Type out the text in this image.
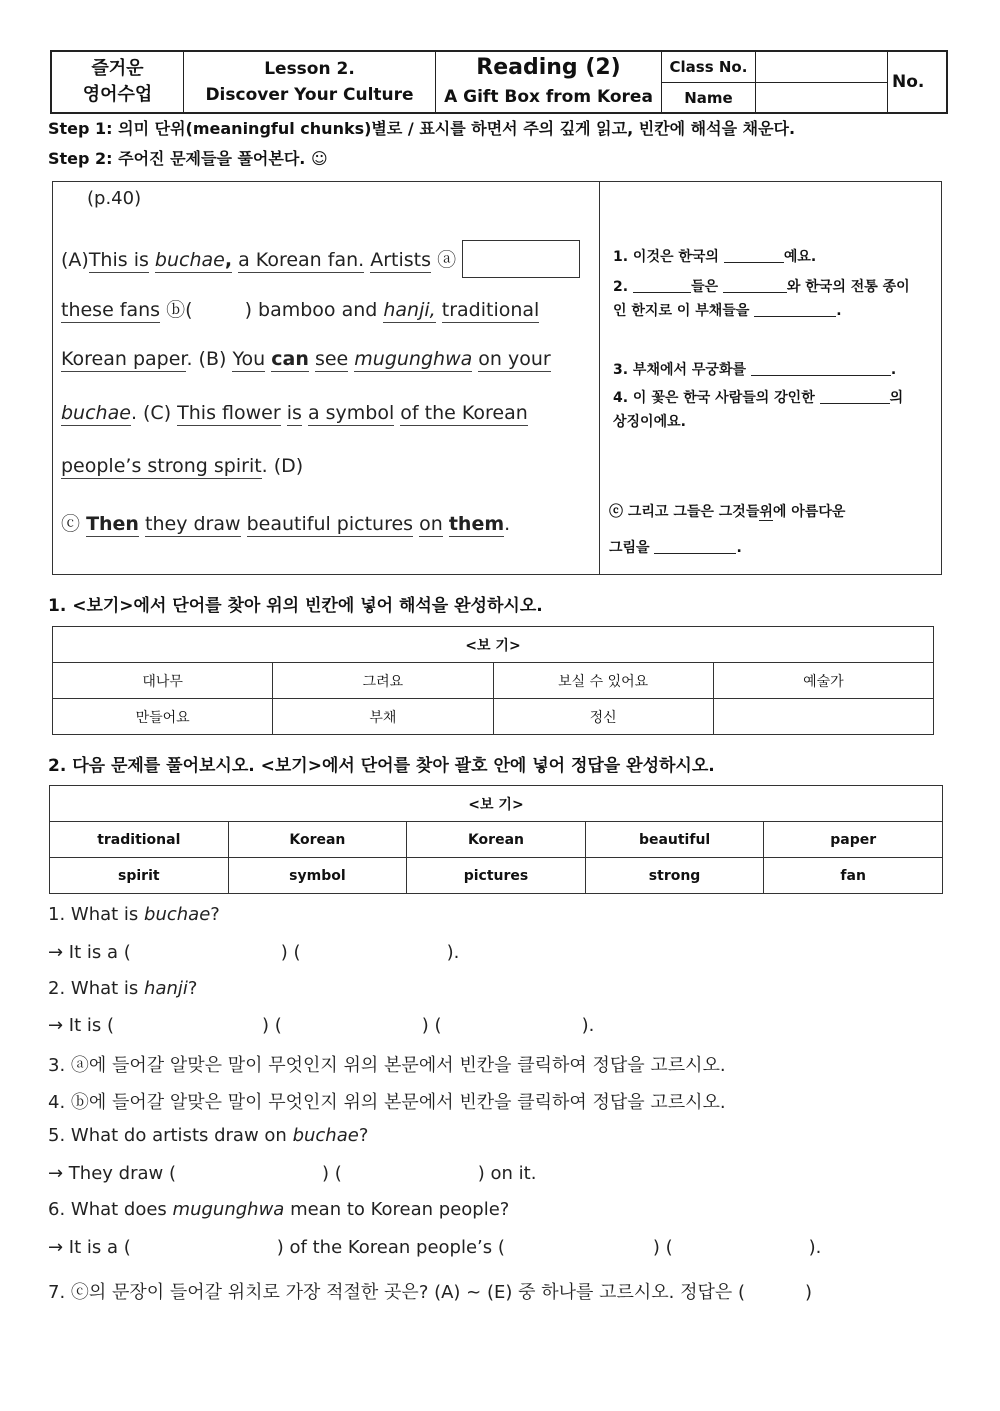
즐거운
영어수업
Lesson 2.
Discover Your Culture
Reading (2)
A Gift Box from Korea
Class No.
Name
No.
Step 1: 의미 단위(meaningful chunks)별로 / 표시를 하면서 주의 깊게 읽고, 빈칸에 해석을 채운다.
Step 2: 주어진 문제들을 풀어본다. ☺
(p.40)
(A)This is buchae, a Korean fan. Artists ⓐ
these fans ⓑ(	) bamboo and hanji, traditional
Korean paper. (B) You can see mugunghwa on your
buchae. (C) This flower is a symbol of the Korean
people’s strong spirit. (D)
ⓒ Then they draw beautiful pictures on them.
1. 이것은 한국의	예요.
2.	들은	와 한국의 전통 종이
인 한지로 이 부채들을	.
3. 부채에서 무궁화를	.
4. 이 꽃은 한국 사람들의 강인한	의
상징이에요.
ⓒ 그리고 그들은 그것들위에 아름다운
그림을	.
1. <보기>에서 단어를 찾아 위의 빈칸에 넣어 해석을 완성하시오.
<보 기>			
대나무	그려요	보실 수 있어요	예술가
만들어요	부채	정신	
2. 다음 문제를 풀어보시오. <보기>에서 단어를 찾아 괄호 안에 넣어 정답을 완성하시오.
<보 기>				
traditional	Korean	Korean	beautiful	paper
spirit	symbol	pictures	strong	fan
1. What is buchae?
→ It is a (	) (	).
2. What is hanji?
→ It is (	) (	) (	).
3. ⓐ에 들어갈 알맞은 말이 무엇인지 위의 본문에서 빈칸을 클릭하여 정답을 고르시오.
4. ⓑ에 들어갈 알맞은 말이 무엇인지 위의 본문에서 빈칸을 클릭하여 정답을 고르시오.
5. What do artists draw on buchae?
→ They draw (	) (	) on it.
6. What does mugunghwa mean to Korean people?
→ It is a (	) of the Korean people’s (	) (	).
7. ⓒ의 문장이 들어갈 위치로 가장 적절한 곳은? (A) ~ (E) 중 하나를 고르시오. 정답은 (	)
